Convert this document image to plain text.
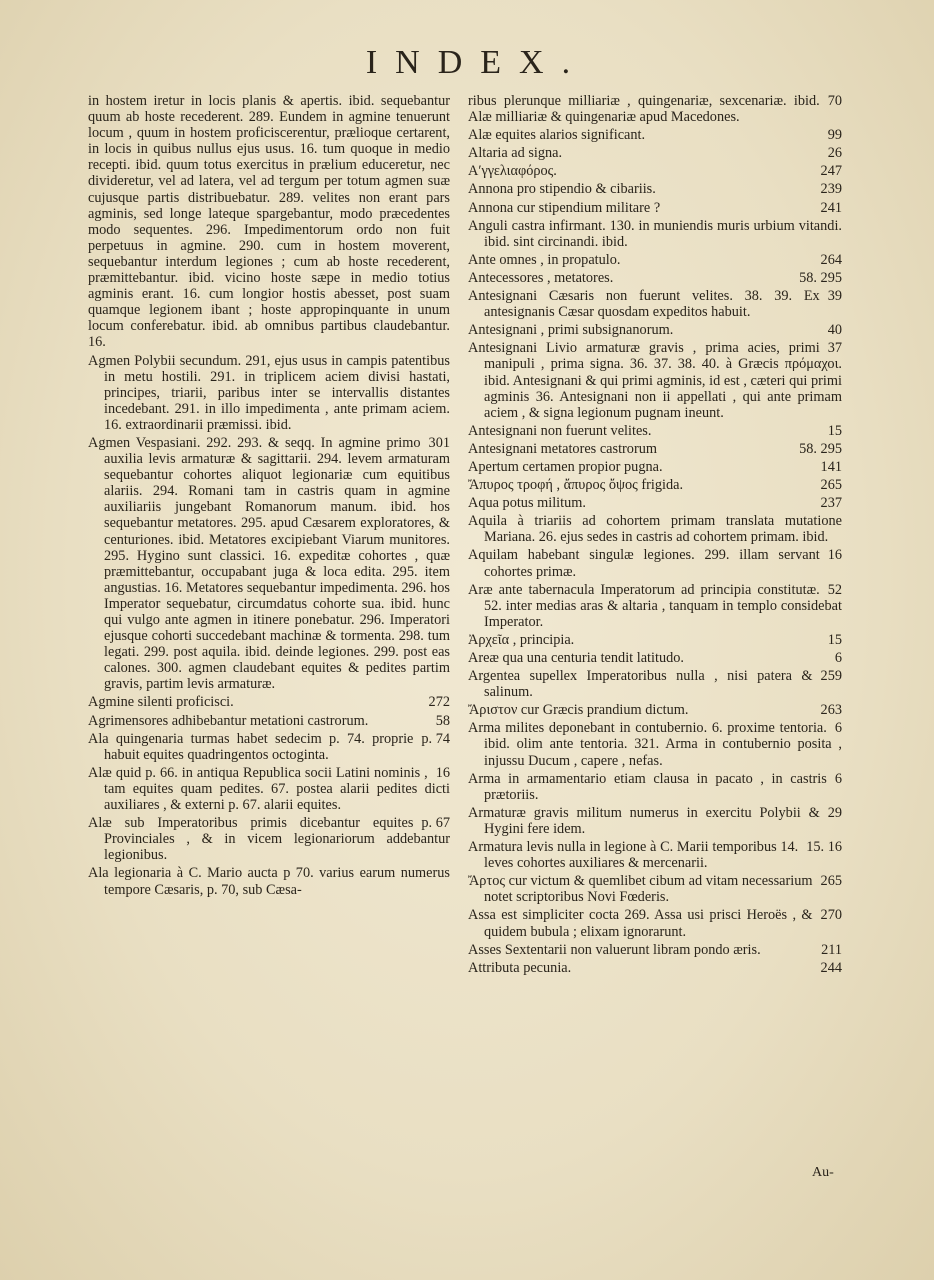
INDEX.

in hostem iretur in locis planis & apertis. ibid. sequebantur quum ab hoste recederent. 289. Eundem in agmine tenuerunt locum , quum in hostem proficiscerentur, prælioque certarent, in locis in quibus nullus ejus usus. 16. tum quoque in medio recepti. ibid. quum totus exercitus in prælium educeretur, nec divideretur, vel ad latera, vel ad tergum per totum agmen suæ cujusque partis distribuebatur. 289. velites non erant pars agminis, sed longe lateque spargebantur, modo præcedentes modo sequentes. 296. Impedimentorum ordo non fuit perpetuus in agmine. 290. cum in hostem moverent, sequebantur interdum legiones ; cum ab hoste recederent, præmittebantur. ibid. vicino hoste sæpe in medio totius agminis erant. 16. cum longior hostis abesset, post suam quamque legionem ibant ; hoste appropinquante in unum locum conferebatur. ibid. ab omnibus partibus claudebantur. 16.

Agmen Polybii secundum. 291, ejus usus in campis patentibus in metu hostili. 291. in triplicem aciem divisi hastati, principes, triarii, paribus inter se intervallis distantes incedebant. 291. in illo impedimenta , ante primam aciem. 16. extraordinarii præmissi. ibid.

301
Agmen Vespasiani. 292. 293. & seqq. In agmine primo auxilia levis armaturæ & sagittarii. 294. levem armaturam sequebantur cohortes aliquot legionariæ cum equitibus alariis. 294. Romani tam in castris quam in agmine auxiliariis jungebant Romanorum manum. ibid. hos sequebantur metatores. 295. apud Cæsarem exploratores, & centuriones. ibid. Metatores excipiebant Viarum munitores. 295. Hygino sunt classici. 16. expeditæ cohortes , quæ præmittebantur, occupabant juga & loca edita. 295. item angustias. 16. Metatores sequebantur impedimenta. 296. hos Imperator sequebatur, circumdatus cohorte sua. ibid. hunc qui vulgo ante agmen in itinere ponebatur. 296. Imperatori ejusque cohorti succedebant machinæ & tormenta. 298. tum legati. 299. post aquila. ibid. deinde legiones. 299. post eas calones. 300. agmen claudebant equites & pedites partim gravis, partim levis armaturæ.

272
Agmine silenti proficisci.

58
Agrimensores adhibebantur metationi castrorum.

p. 74
Ala quingenaria turmas habet sedecim p. 74. proprie habuit equites quadringentos octoginta.

16
Alæ quid p. 66. in antiqua Republica socii Latini nominis , tam equites quam pedites. 67. postea alarii pedites dicti auxiliares , & externi p. 67. alarii equites.

p. 67
Alæ sub Imperatoribus primis dicebantur equites Provinciales , & in vicem legionariorum addebantur legionibus.

Ala legionaria à C. Mario aucta p 70. varius earum numerus tempore Cæsaris, p. 70, sub Cæsa-

70
ribus plerunque milliariæ , quingenariæ, sexcenariæ. ibid. Alæ milliariæ & quingenariæ apud Macedones.

99
Alæ equites alarios significant.

26
Altaria ad signa.

247
Αʹγγελιαφόρος.

239
Annona pro stipendio & cibariis.

241
Annona cur stipendium militare ?

Anguli castra infirmant. 130. in muniendis muris urbium vitandi. ibid. sint circinandi. ibid.

264
Ante omnes , in propatulo.

58. 295
Antecessores , metatores.

39
Antesignani Cæsaris non fuerunt velites. 38. 39. Ex antesignanis Cæsar quosdam expeditos habuit.

40
Antesignani , primi subsignanorum.

37
Antesignani Livio armaturæ gravis , prima acies, primi manipuli , prima signa. 36. 37. 38. 40. à Græcis πρόμαχοι. ibid. Antesignani & qui primi agminis, id est , cæteri qui primi agminis 36. Antesignani non ii appellati , qui ante primam aciem , & signa legionum pugnam ineunt.

15
Antesignani non fuerunt velites.

58. 295
Antesignani metatores castrorum

141
Apertum certamen propior pugna.

265
Ἄπυρος τροφή , ἄπυρος ὄψος frigida.

237
Aqua potus militum.

Aquila à triariis ad cohortem primam translata mutatione Mariana. 26. ejus sedes in castris ad cohortem primam. ibid.

16
Aquilam habebant singulæ legiones. 299. illam servant cohortes primæ.

52
Aræ ante tabernacula Imperatorum ad principia constitutæ. 52. inter medias aras & altaria , tanquam in templo considebat Imperator.

15
Ἀρχεῖα , principia.

6
Areæ qua una centuria tendit latitudo.

259
Argentea supellex Imperatoribus nulla , nisi patera & salinum.

263
Ἄριστον cur Græcis prandium dictum.

6
Arma milites deponebant in contubernio. 6. proxime tentoria. ibid. olim ante tentoria. 321. Arma in contubernio posita , injussu Ducum , capere , nefas.

6
Arma in armamentario etiam clausa in pacato , in castris prætoriis.

29
Armaturæ gravis militum numerus in exercitu Polybii & Hygini fere idem.

15. 16
Armatura levis nulla in legione à C. Marii temporibus 14. leves cohortes auxiliares & mercenarii.

265
Ἄρτος cur victum & quemlibet cibum ad vitam necessarium notet scriptoribus Novi Fœderis.

270
Assa est simpliciter cocta 269. Assa usi prisci Heroës , & quidem bubula ; elixam ignorarunt.

211
Asses Sextentarii non valuerunt libram pondo æris.

244
Attributa pecunia.

Au-
